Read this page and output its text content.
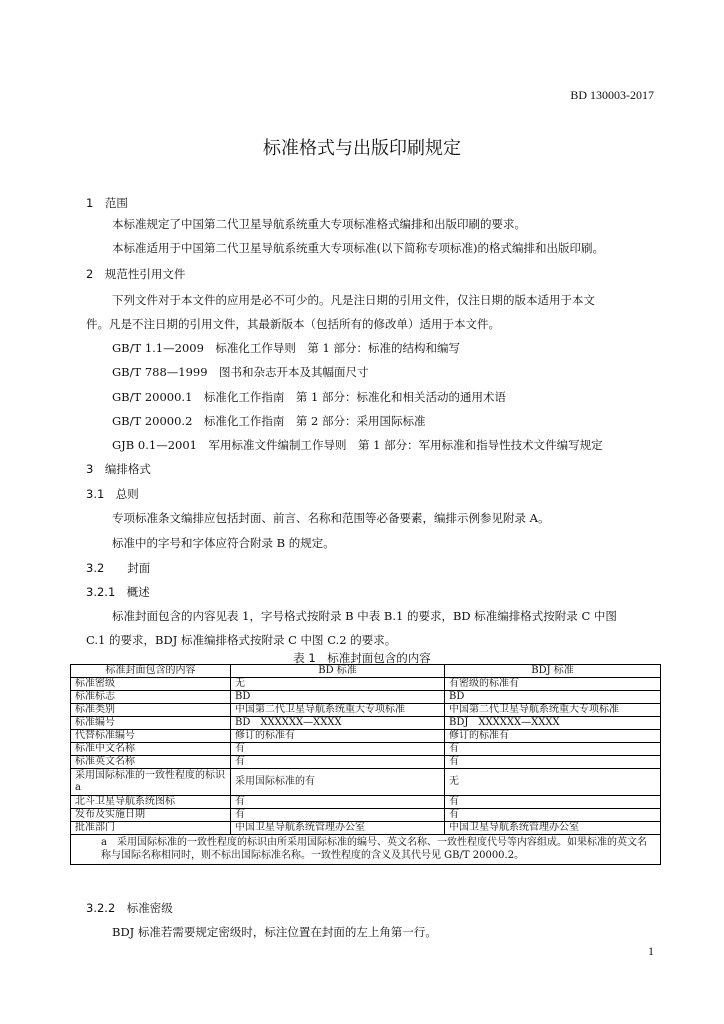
BD 130003-2017
标准格式与出版印刷规定
1　范围
本标准规定了中国第二代卫星导航系统重大专项标准格式编排和出版印刷的要求。
本标准适用于中国第二代卫星导航系统重大专项标准(以下简称专项标准)的格式编排和出版印刷。
2　规范性引用文件
下列文件对于本文件的应用是必不可少的。凡是注日期的引用文件，仅注日期的版本适用于本文
件。凡是不注日期的引用文件，其最新版本（包括所有的修改单）适用于本文件。
GB/T 1.1—2009　标准化工作导则　第 1 部分：标准的结构和编写
GB/T 788—1999　图书和杂志开本及其幅面尺寸
GB/T 20000.1　标准化工作指南　第 1 部分：标准化和相关活动的通用术语
GB/T 20000.2　标准化工作指南　第 2 部分：采用国际标准
GJB 0.1—2001　军用标准文件编制工作导则　第 1 部分：军用标准和指导性技术文件编写规定
3　编排格式
3.1　总则
专项标准条文编排应包括封面、前言、名称和范围等必备要素，编排示例参见附录 A。
标准中的字号和字体应符合附录 B 的规定。
3.2　　封面
3.2.1　概述
标准封面包含的内容见表 1，字号格式按附录 B 中表 B.1 的要求，BD 标准编排格式按附录 C 中图
C.1 的要求，BDJ 标准编排格式按附录 C 中图 C.2 的要求。
表 1　标准封面包含的内容
标准封面包含的内容	BD 标准	BDJ 标准
标准密级	无	有密级的标准有
标准标志	BD	BD
标准类别	中国第二代卫星导航系统重大专项标准	中国第二代卫星导航系统重大专项标准
标准编号	BD　XXXXXX—XXXX	BDJ　XXXXXX—XXXX
代替标准编号	修订的标准有	修订的标准有
标准中文名称	有	有
标准英文名称	有	有
采用国际标准的一致性程度的标识 a	采用国际标准的有	无
北斗卫星导航系统图标	有	有
发布及实施日期	有	有
批准部门	中国卫星导航系统管理办公室	中国卫星导航系统管理办公室
a　采用国际标准的一致性程度的标识由所采用国际标准的编号、英文名称、一致性程度代号等内容组成。如果标准的英文名称与国际名称相同时，则不标出国际标准名称。一致性程度的含义及其代号见 GB/T 20000.2。		
3.2.2　标准密级
BDJ 标准若需要规定密级时，标注位置在封面的左上角第一行。
1
